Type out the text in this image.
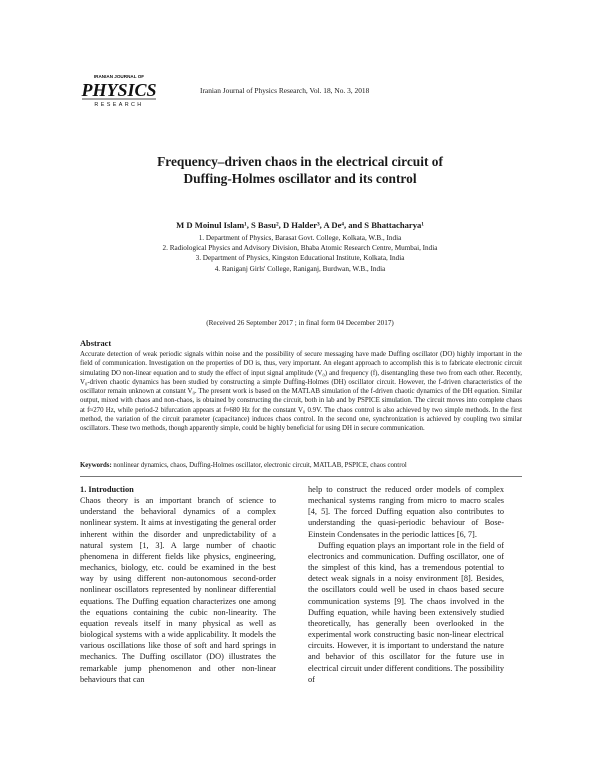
IRANIAN JOURNAL OF
PHYSICS
RESEARCH
Iranian Journal of Physics Research, Vol. 18, No. 3, 2018
Frequency–driven chaos in the electrical circuit of
Duffing-Holmes oscillator and its control
M D Moinul Islam¹, S Basu², D Halder³, A De⁴, and S Bhattacharya¹
1. Department of Physics, Barasat Govt. College, Kolkata, W.B., India
2. Radiological Physics and Advisory Division, Bhaba Atomic Research Centre, Mumbai, India
3. Department of Physics, Kingston Educational Institute, Kolkata, India
4. Raniganj Girls' College, Raniganj, Burdwan, W.B., India
(Received 26 September 2017 ; in final form 04 December 2017)
Abstract
Accurate detection of weak periodic signals within noise and the possibility of secure messaging have made Duffing oscillator (DO) highly important in the field of communication. Investigation on the properties of DO is, thus, very important. An elegant approach to accomplish this is to fabricate electronic circuit simulating DO non-linear equation and to study the effect of input signal amplitude (V₀) and frequency (f), disentangling these two from each other. Recently, V₀-driven chaotic dynamics has been studied by constructing a simple Duffing-Holmes (DH) oscillator circuit. However, the f-driven characteristics of the oscillator remain unknown at constant V₀. The present work is based on the MATLAB simulation of the f-driven chaotic dynamics of the DH equation. Similar output, mixed with chaos and non-chaos, is obtained by constructing the circuit, both in lab and by PSPICE simulation. The circuit moves into complete chaos at f≈270 Hz, while period-2 bifurcation appears at f≈680 Hz for the constant V₀ 0.9V. The chaos control is also achieved by two simple methods. In the first method, the variation of the circuit parameter (capacitance) induces chaos control. In the second one, synchronization is achieved by coupling two similar oscillators. These two methods, though apparently simple, could be highly beneficial for using DH in secure communication.
Keywords: nonlinear dynamics, chaos, Duffing-Holmes oscillator, electronic circuit, MATLAB, PSPICE, chaos control
1. Introduction

Chaos theory is an important branch of science to understand the behavioral dynamics of a complex nonlinear system. It aims at investigating the general order inherent within the disorder and unpredictability of a natural system [1, 3]. A large number of chaotic phenomena in different fields like physics, engineering, mechanics, biology, etc. could be examined in the best way by using different non-autonomous second-order nonlinear oscillators represented by nonlinear differential equations. The Duffing equation characterizes one among the equations containing the cubic non-linearity. The equation reveals itself in many physical as well as biological systems with a wide applicability. It models the various oscillations like those of soft and hard springs in mechanics. The Duffing oscillator (DO) illustrates the remarkable jump phenomenon and other non-linear behaviours that can

help to construct the reduced order models of complex mechanical systems ranging from micro to macro scales [4, 5]. The forced Duffing equation also contributes to understanding the quasi-periodic behaviour of Bose-Einstein Condensates in the periodic lattices [6, 7].

Duffing equation plays an important role in the field of electronics and communication. Duffing oscillator, one of the simplest of this kind, has a tremendous potential to detect weak signals in a noisy environment [8]. Besides, the oscillators could well be used in chaos based secure communication systems [9]. The chaos involved in the Duffing equation, while having been extensively studied theoretically, has generally been overlooked in the experimental work constructing basic non-linear electrical circuits. However, it is important to understand the nature and behavior of this oscillator for the future use in electrical circuit under different conditions. The possibility of
